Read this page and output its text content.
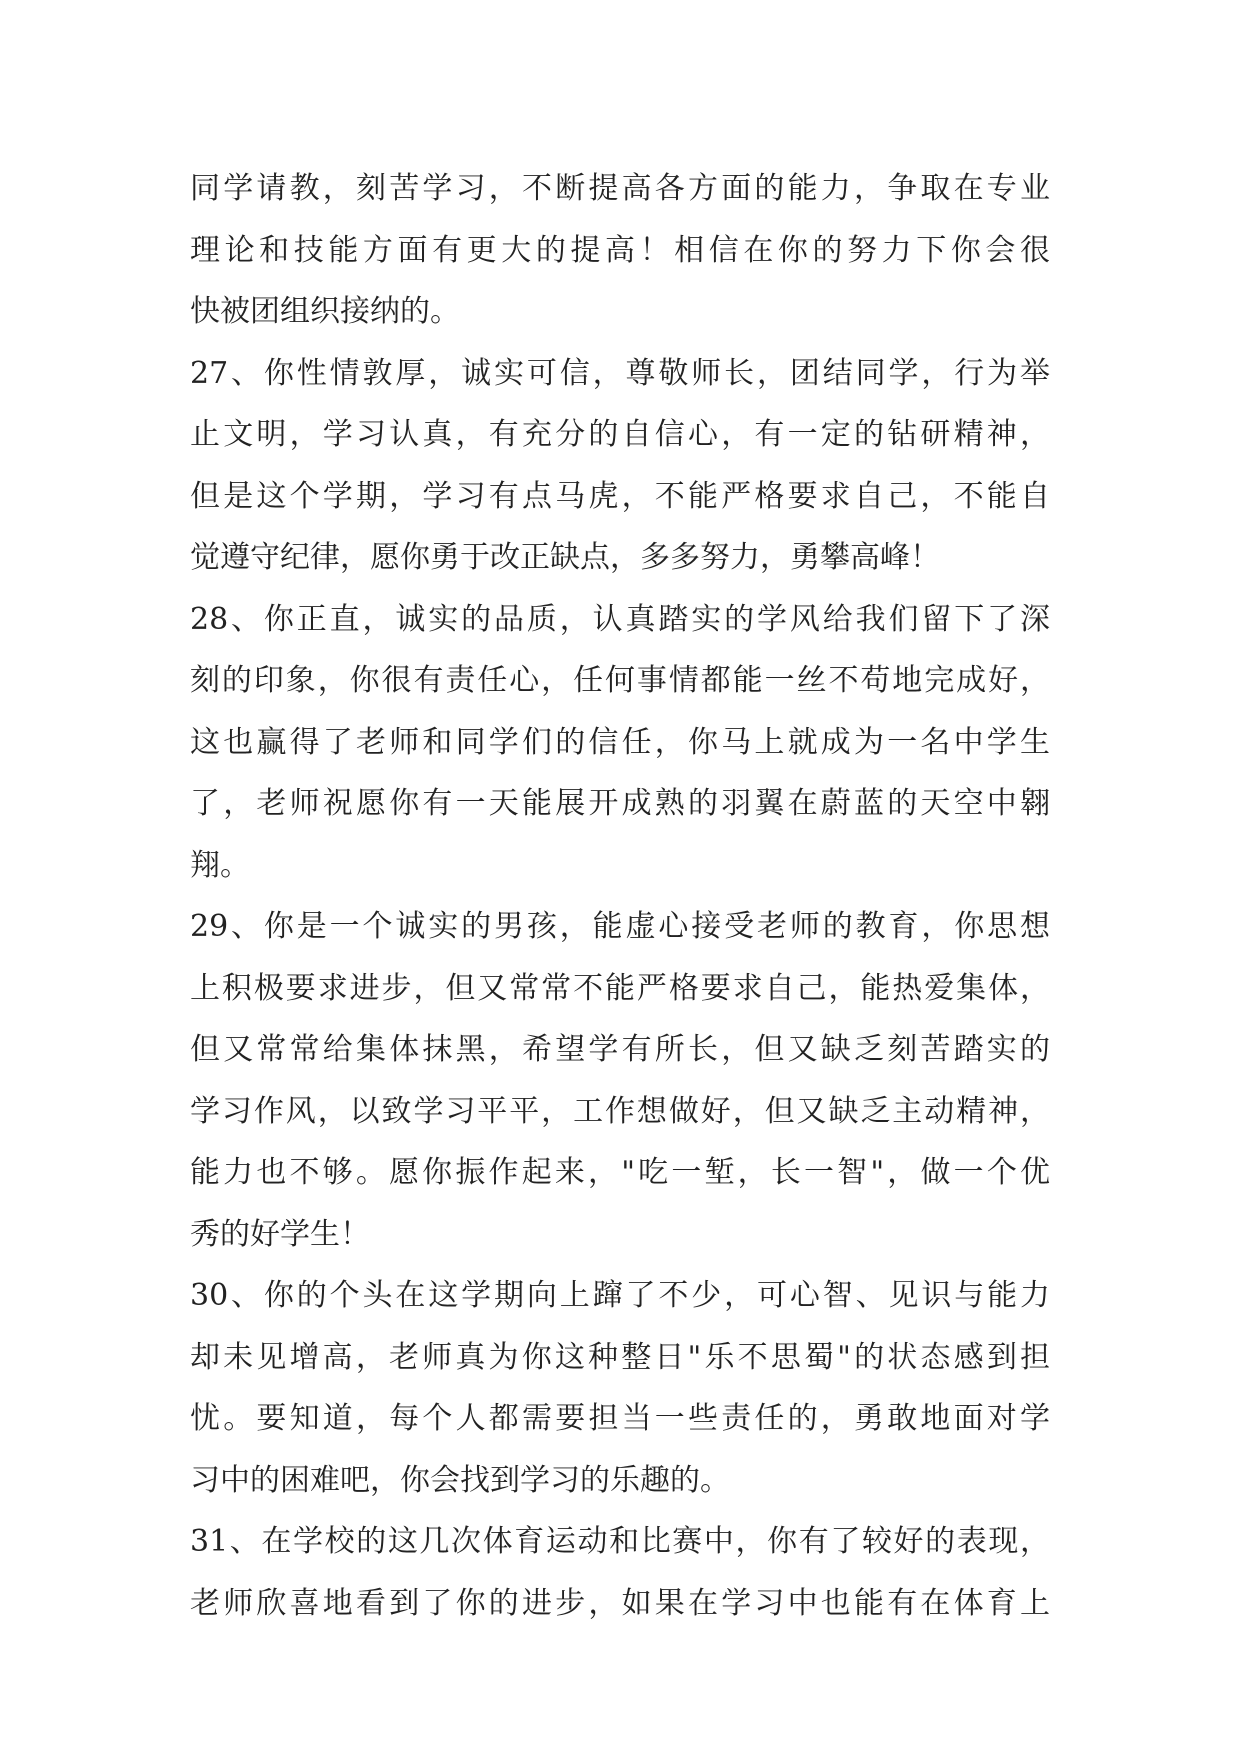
同学请教，刻苦学习，不断提高各方面的能力，争取在专业
理论和技能方面有更大的提高！相信在你的努力下你会很
快被团组织接纳的。
27、你性情敦厚，诚实可信，尊敬师长，团结同学，行为举
止文明，学习认真，有充分的自信心，有一定的钻研精神，
但是这个学期，学习有点马虎，不能严格要求自己，不能自
觉遵守纪律，愿你勇于改正缺点，多多努力，勇攀高峰！
28、你正直，诚实的品质，认真踏实的学风给我们留下了深
刻的印象，你很有责任心，任何事情都能一丝不苟地完成好，
这也赢得了老师和同学们的信任，你马上就成为一名中学生
了，老师祝愿你有一天能展开成熟的羽翼在蔚蓝的天空中翱
翔。
29、你是一个诚实的男孩，能虚心接受老师的教育，你思想
上积极要求进步，但又常常不能严格要求自己，能热爱集体，
但又常常给集体抹黑，希望学有所长，但又缺乏刻苦踏实的
学习作风，以致学习平平，工作想做好，但又缺乏主动精神，
能力也不够。愿你振作起来，"吃一堑，长一智"，做一个优
秀的好学生！
30、你的个头在这学期向上蹿了不少，可心智、见识与能力
却未见增高，老师真为你这种整日"乐不思蜀"的状态感到担
忧。要知道，每个人都需要担当一些责任的，勇敢地面对学
习中的困难吧，你会找到学习的乐趣的。
31、在学校的这几次体育运动和比赛中，你有了较好的表现，
老师欣喜地看到了你的进步，如果在学习中也能有在体育上
